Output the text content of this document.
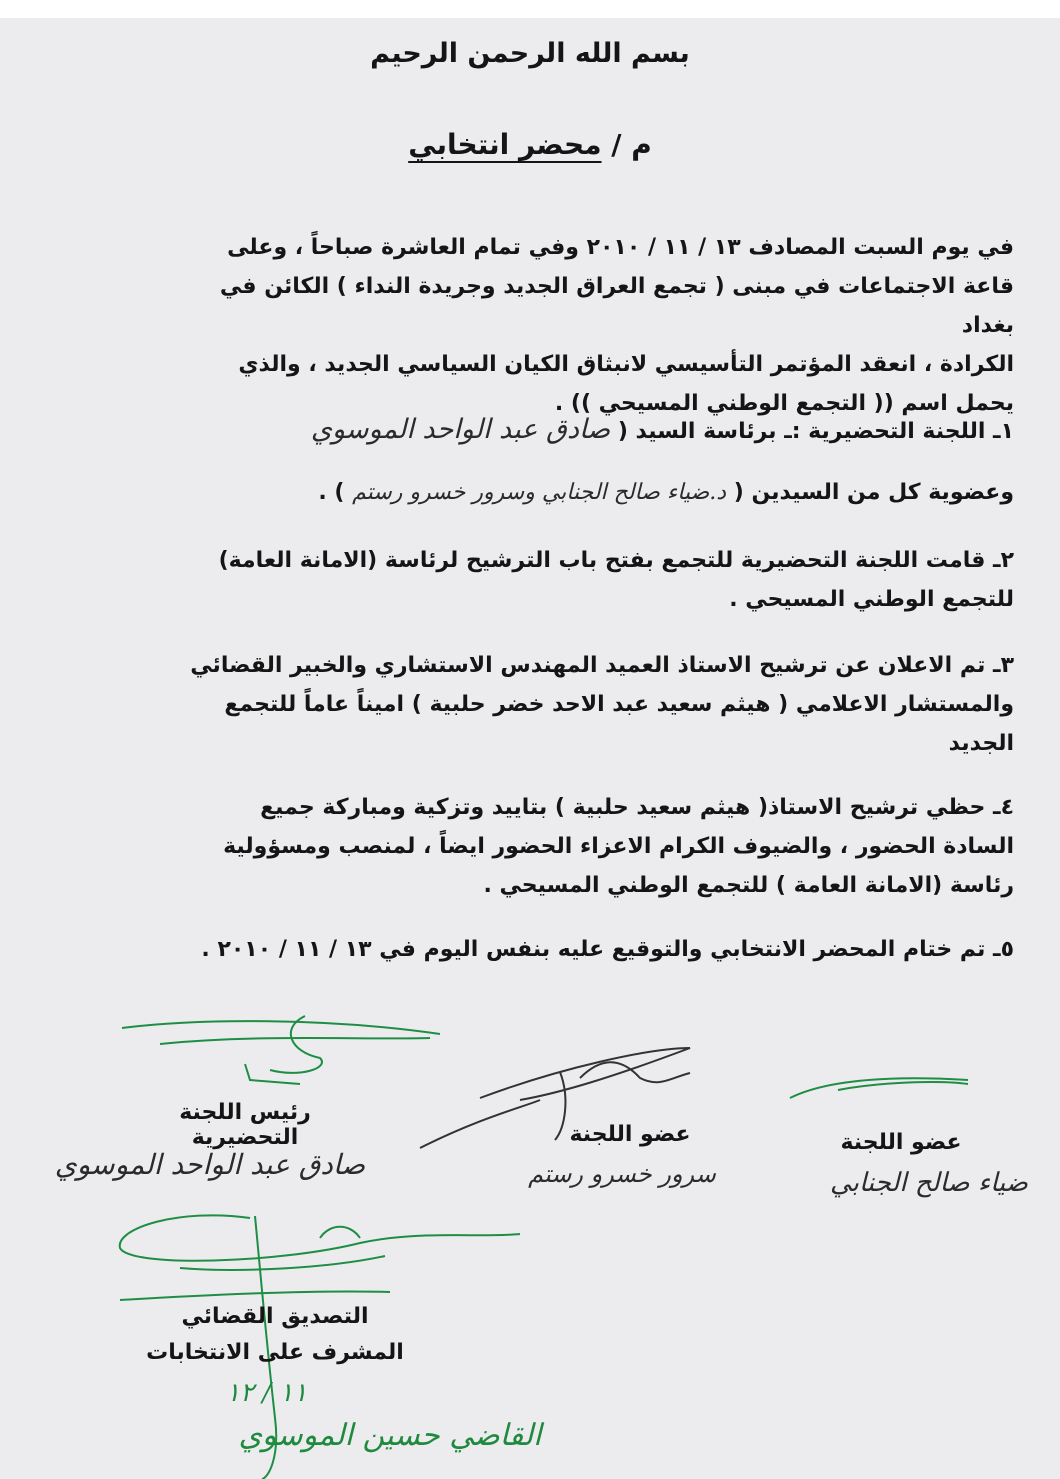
بسم الله الرحمن الرحيم
م / محضر انتخابي
في يوم السبت المصادف ١٣ / ١١ / ٢٠١٠ وفي تمام العاشرة صباحاً ، وعلى
قاعة الاجتماعات في مبنى ( تجمع العراق الجديد وجريدة النداء ) الكائن في بغداد
الكرادة ، انعقد المؤتمر التأسيسي لانبثاق الكيان السياسي الجديد ، والذي
يحمل اسم (( التجمع الوطني المسيحي )) .
١ـ اللجنة التحضيرية :ـ برئاسة السيد ( صادق عبد الواحد الموسوي
وعضوية كل من السيدين ( د.ضياء صالح الجنابي وسرور خسرو رستم ) .
٢ـ قامت اللجنة التحضيرية للتجمع بفتح باب الترشيح لرئاسة (الامانة العامة)
للتجمع الوطني المسيحي .
٣ـ تم الاعلان عن ترشيح الاستاذ العميد المهندس الاستشاري والخبير القضائي
والمستشار الاعلامي ( هيثم سعيد عبد الاحد خضر حلبية ) اميناً عاماً للتجمع
الجديد
٤ـ حظي ترشيح الاستاذ( هيثم سعيد حلبية ) بتاييد وتزكية ومباركة جميع
السادة الحضور ، والضيوف الكرام الاعزاء الحضور ايضاً ، لمنصب ومسؤولية
رئاسة (الامانة العامة ) للتجمع الوطني المسيحي .
٥ـ تم ختام المحضر الانتخابي والتوقيع عليه بنفس اليوم في ١٣ / ١١ / ٢٠١٠ .
رئيس اللجنة التحضيرية	عضو اللجنة	عضو اللجنة
صادق عبد الواحد الموسوي	سرور خسرو رستم	ضياء صالح الجنابي
التصديق القضائي
المشرف على الانتخابات
١١ / ١٢
القاضي حسين الموسوي
